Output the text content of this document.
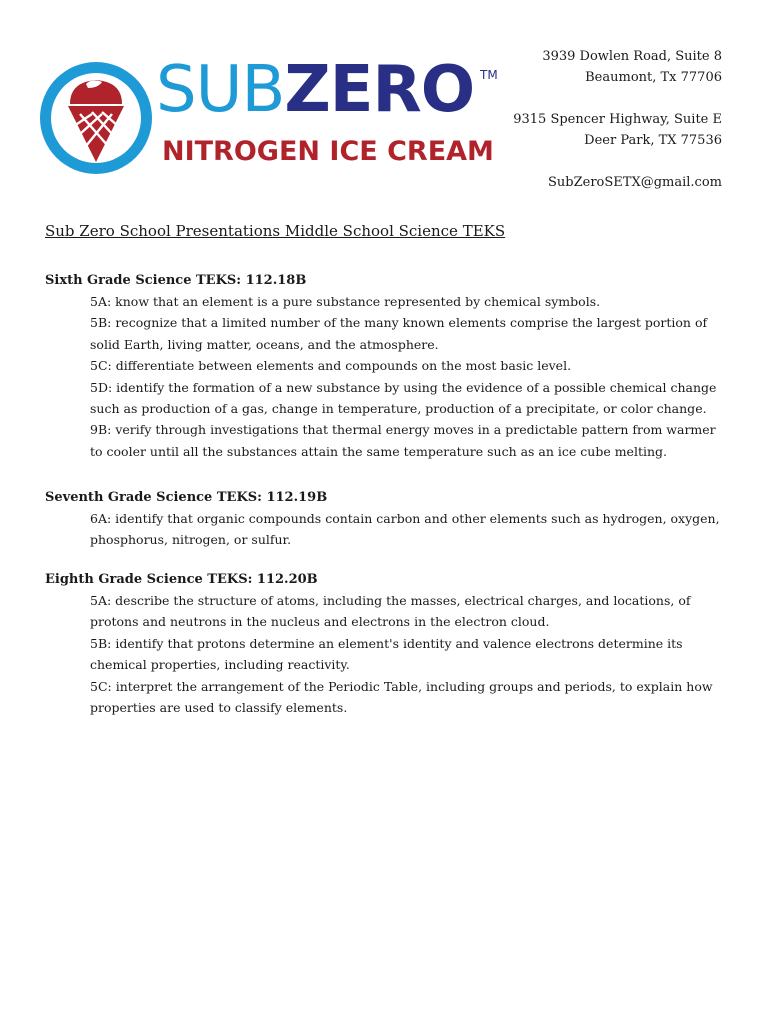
SUBZERO TM
NITROGEN ICE CREAM
3939 Dowlen Road, Suite 8
Beaumont, Tx 77706
9315 Spencer Highway, Suite E
Deer Park, TX 77536
SubZeroSETX@gmail.com
Sub Zero School Presentations Middle School Science TEKS
Sixth Grade Science TEKS: 112.18B

5A: know that an element is a pure substance represented by chemical symbols.

5B: recognize that a limited number of the many known elements comprise the largest portion of solid Earth, living matter, oceans, and the atmosphere.

5C: differentiate between elements and compounds on the most basic level.

5D: identify the formation of a new substance by using the evidence of a possible chemical change such as production of a gas, change in temperature, production of a precipitate, or color change.

9B: verify through investigations that thermal energy moves in a predictable pattern from warmer to cooler until all the substances attain the same temperature such as an ice cube melting.

Seventh Grade Science TEKS: 112.19B

6A: identify that organic compounds contain carbon and other elements such as hydrogen, oxygen, phosphorus, nitrogen, or sulfur.

Eighth Grade Science TEKS: 112.20B

5A: describe the structure of atoms, including the masses, electrical charges, and locations, of protons and neutrons in the nucleus and electrons in the electron cloud.

5B: identify that protons determine an element's identity and valence electrons determine its chemical properties, including reactivity.

5C: interpret the arrangement of the Periodic Table, including groups and periods, to explain how properties are used to classify elements.
